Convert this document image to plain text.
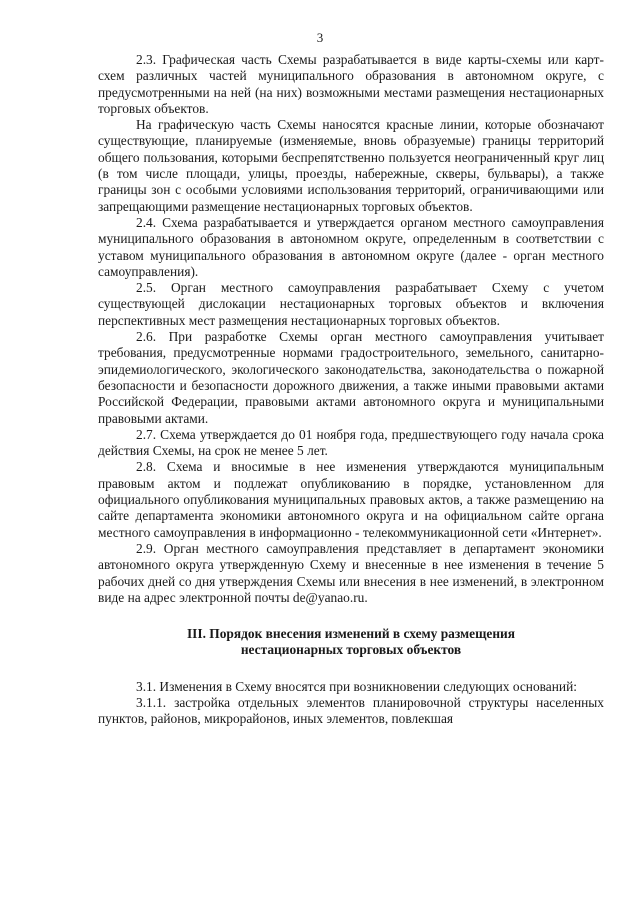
3

2.3. Графическая часть Схемы разрабатывается в виде карты-схемы или карт-схем различных частей муниципального образования в автономном округе, с предусмотренными на ней (на них) возможными местами размещения нестационарных торговых объектов.

На графическую часть Схемы наносятся красные линии, которые обозначают существующие, планируемые (изменяемые, вновь образуемые) границы территорий общего пользования, которыми беспрепятственно пользуется неограниченный круг лиц (в том числе площади, улицы, проезды, набережные, скверы, бульвары), а также границы зон с особыми условиями использования территорий, ограничивающими или запрещающими размещение нестационарных торговых объектов.

2.4. Схема разрабатывается и утверждается органом местного самоуправления муниципального образования в автономном округе, определенным в соответствии с уставом муниципального образования в автономном округе (далее - орган местного самоуправления).

2.5. Орган местного самоуправления разрабатывает Схему с учетом существующей дислокации нестационарных торговых объектов и включения перспективных мест размещения нестационарных торговых объектов.

2.6. При разработке Схемы орган местного самоуправления учитывает требования, предусмотренные нормами градостроительного, земельного, санитарно-эпидемиологического, экологического законодательства, законодательства о пожарной безопасности и безопасности дорожного движения, а также иными правовыми актами Российской Федерации, правовыми актами автономного округа и муниципальными правовыми актами.

2.7. Схема утверждается до 01 ноября года, предшествующего году начала срока действия Схемы, на срок не менее 5 лет.

2.8. Схема и вносимые в нее изменения утверждаются муниципальным правовым актом и подлежат опубликованию в порядке, установленном для официального опубликования муниципальных правовых актов, а также размещению на сайте департамента экономики автономного округа и на официальном сайте органа местного самоуправления в информационно - телекоммуникационной сети «Интернет».

2.9. Орган местного самоуправления представляет в департамент экономики автономного округа утвержденную Схему и внесенные в нее изменения в течение 5 рабочих дней со дня утверждения Схемы или внесения в нее изменений, в электронном виде на адрес электронной почты de@yanao.ru.

III. Порядок внесения изменений в схему размещения
нестационарных торговых объектов

3.1. Изменения в Схему вносятся при возникновении следующих оснований:

3.1.1. застройка отдельных элементов планировочной структуры населенных пунктов, районов, микрорайонов, иных элементов, повлекшая
